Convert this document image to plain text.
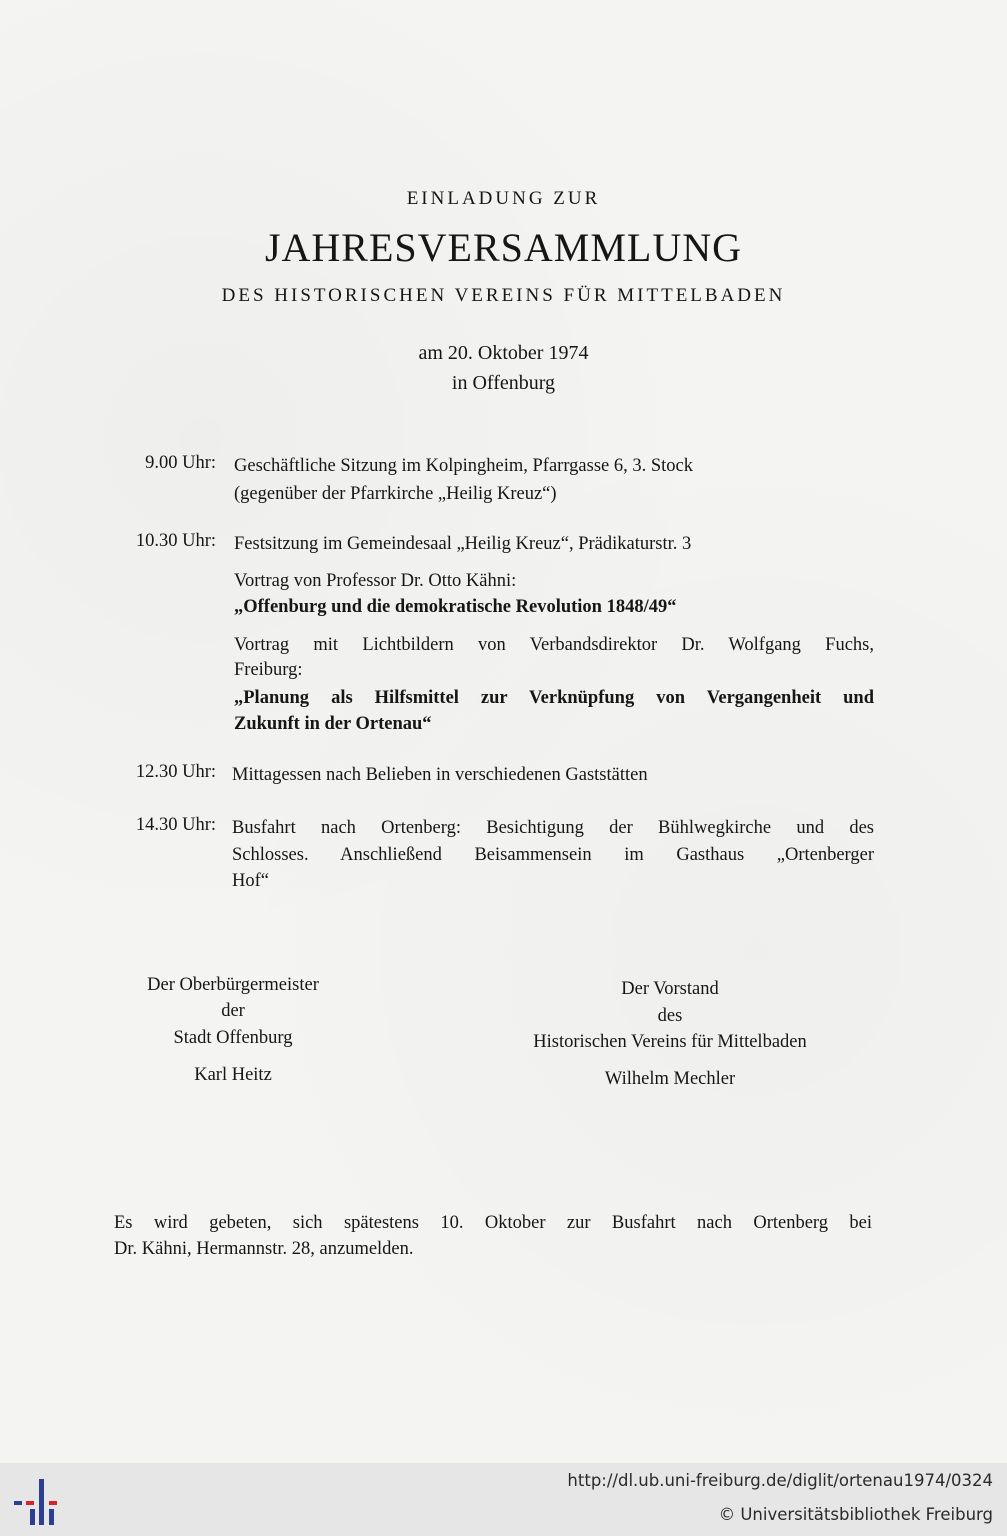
EINLADUNG ZUR
JAHRESVERSAMMLUNG
DES HISTORISCHEN VEREINS FÜR MITTELBADEN
am 20. Oktober 1974
in Offenburg
9.00 Uhr: Geschäftliche Sitzung im Kolpingheim, Pfarrgasse 6, 3. Stock
(gegenüber der Pfarrkirche „Heilig Kreuz“)
10.30 Uhr: Festsitzung im Gemeindesaal „Heilig Kreuz“, Prädikaturstr. 3
Vortrag von Professor Dr. Otto Kähni:
„Offenburg und die demokratische Revolution 1848/49“
Vortrag mit Lichtbildern von Verbandsdirektor Dr. Wolfgang Fuchs,
Freiburg:
„Planung als Hilfsmittel zur Verknüpfung von Vergangenheit und
Zukunft in der Ortenau“
12.30 Uhr: Mittagessen nach Belieben in verschiedenen Gaststätten
14.30 Uhr: Busfahrt nach Ortenberg: Besichtigung der Bühlwegkirche und des
Schlosses. Anschließend Beisammensein im Gasthaus „Ortenberger
Hof“
Der Oberbürgermeister
der
Stadt Offenburg
Karl Heitz
Der Vorstand
des
Historischen Vereins für Mittelbaden
Wilhelm Mechler
Es wird gebeten, sich spätestens 10. Oktober zur Busfahrt nach Ortenberg bei
Dr. Kähni, Hermannstr. 28, anzumelden.
http://dl.ub.uni-freiburg.de/diglit/ortenau1974/0324
© Universitätsbibliothek Freiburg
